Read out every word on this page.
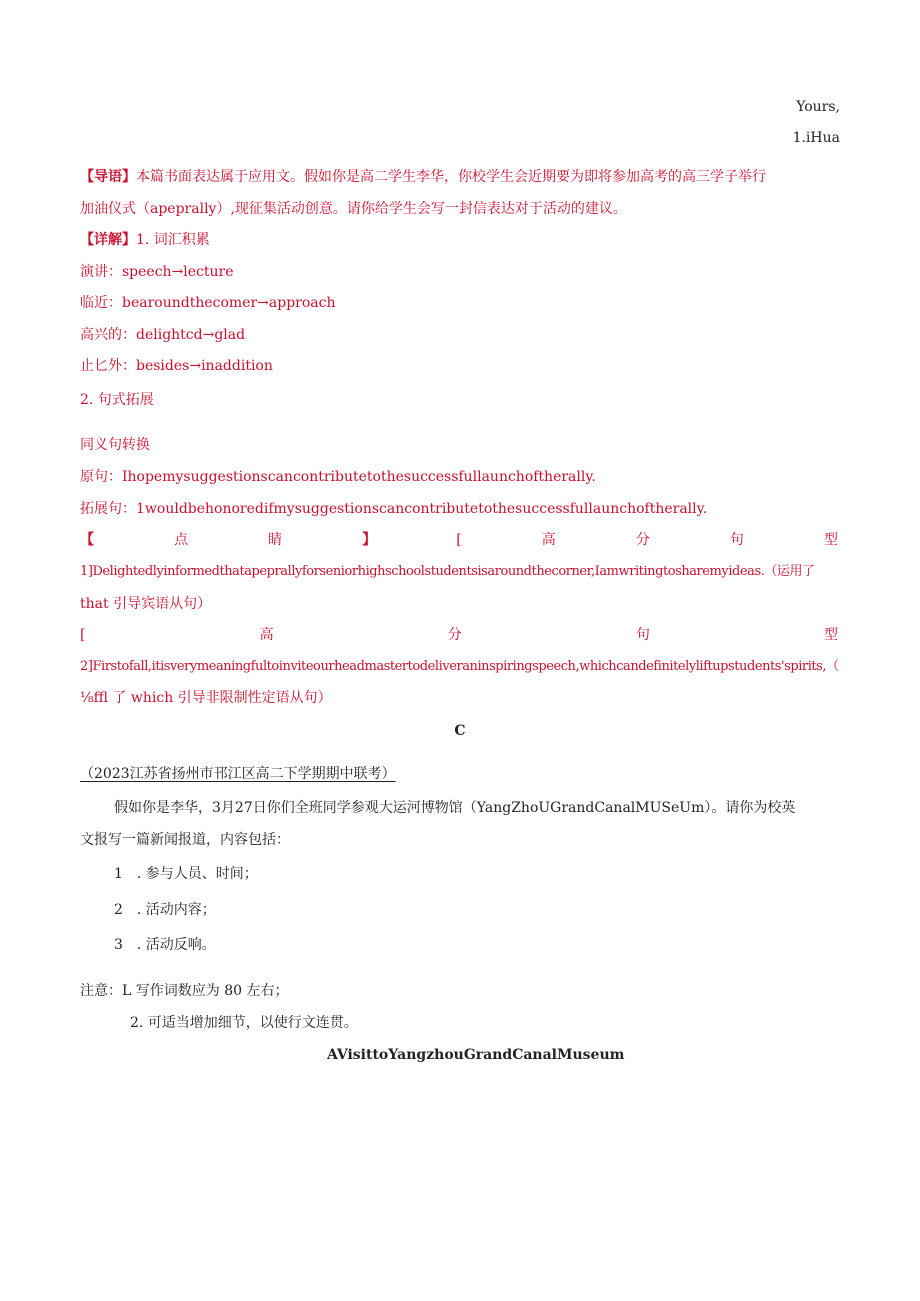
Yours,
1.iHua
【导语】本篇书面表达属于应用文。假如你是高二学生李华，你校学生会近期要为即将参加高考的高三学子举行
加油仪式（apeprally）,现征集活动创意。请你给学生会写一封信表达对于活动的建议。
【详解】1. 词汇积累
演讲：speech→lecture
临近：bearoundthecomer→approach
高兴的：delightcd→glad
止匕外：besides→inaddition
2. 句式拓展
同义句转换
原句：Ihopemysuggestionscancontributetothesuccessfullaunchoftherally.
拓展句：1wouldbehonoredifmysuggestionscancontributetothesuccessfullaunchoftherally.
【	点	睛	】	[	高	分	句	型
1]Delightedlyinformedthatapeprallyforseniorhighschoolstudentsisaroundthecorner,Iamwritingtosharemyideas.（运用了
that 引导宾语从句）
[	高	分	句	型
2]Firstofall,itisverymeaningfultoinviteourheadmastertodeliveraninspiringspeech,whichcandefinitelyliftupstudents'spirits,（
⅛ffl 了 which 引导非限制性定语从句）
C
（2023江苏省扬州市邗江区高二下学期期中联考）
假如你是李华，3月27日你们全班同学参观大运河博物馆（YangZhoUGrandCanalMUSeUm）。请你为校英
文报写一篇新闻报道，内容包括：
1　. 参与人员、时间；
2　. 活动内容；
3　. 活动反响。
注意：L 写作词数应为 80 左右；
2. 可适当增加细节，以使行文连贯。
AVisittoYangzhouGrandCanalMuseum
